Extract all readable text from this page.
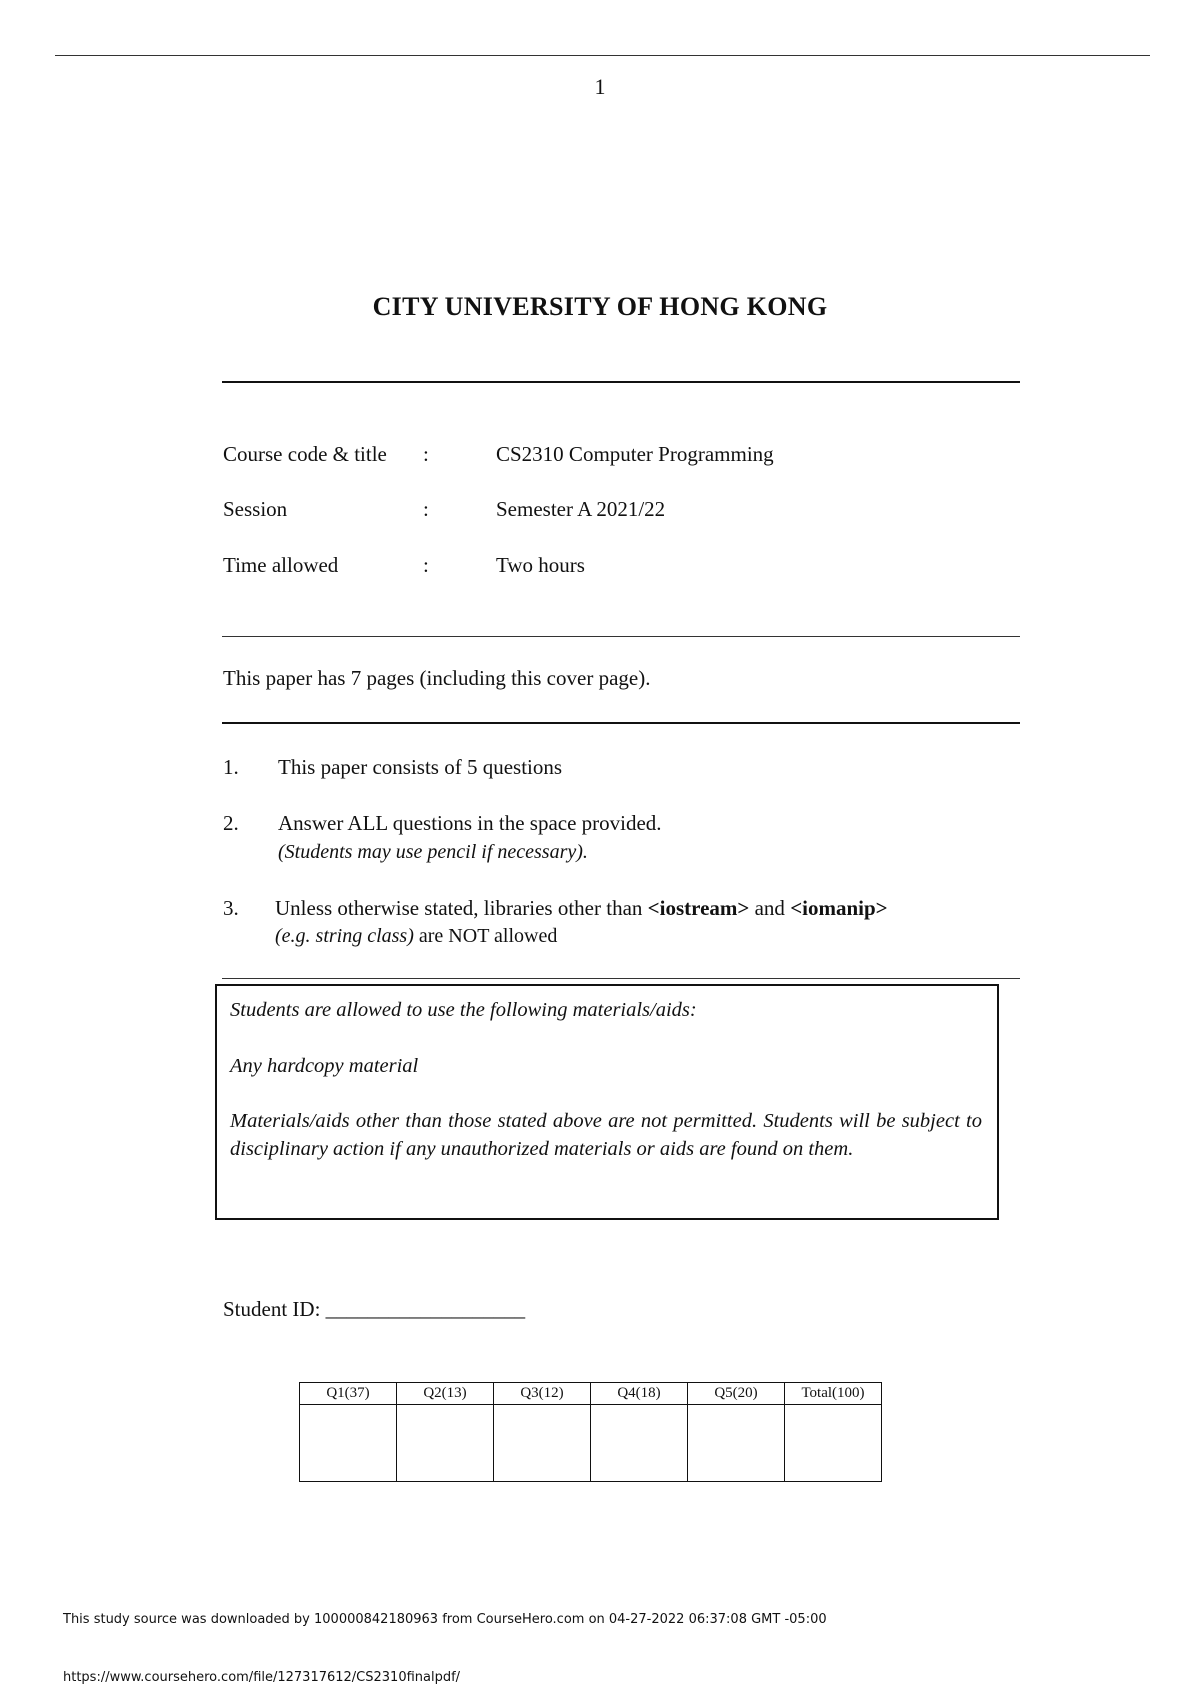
1
CITY UNIVERSITY OF HONG KONG
Course code & title :	CS2310 Computer Programming
Session	:	Semester A 2021/22
Time allowed	:	Two hours
This paper has 7 pages (including this cover page).
1. This paper consists of 5 questions
2. Answer ALL questions in the space provided.
(Students may use pencil if necessary).
3. Unless otherwise stated, libraries other than <iostream> and <iomanip>
(e.g. string class) are NOT allowed

Students are allowed to use the following materials/aids:

Any hardcopy material

Materials/aids other than those stated above are not permitted. Students will be subject to disciplinary action if any unauthorized materials or aids are found on them.

Student ID: ___________________
Q1(37)	Q2(13)	Q3(12)	Q4(18)	Q5(20)	Total(100)

This study source was downloaded by 100000842180963 from CourseHero.com on 04-27-2022 06:37:08 GMT -05:00
https://www.coursehero.com/file/127317612/CS2310finalpdf/
